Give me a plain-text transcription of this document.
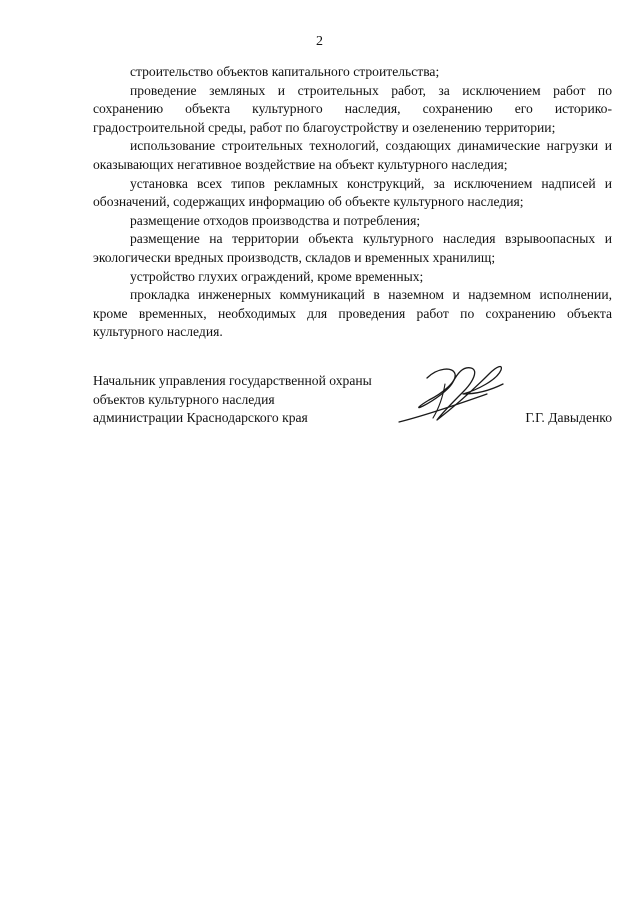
2

строительство объектов капитального строительства;

проведение земляных и строительных работ, за исключением работ по сохранению объекта культурного наследия, сохранению его историко-градостроительной среды, работ по благоустройству и озеленению территории;

использование строительных технологий, создающих динамические нагрузки и оказывающих негативное воздействие на объект культурного наследия;

установка всех типов рекламных конструкций, за исключением надписей и обозначений, содержащих информацию об объекте культурного наследия;

размещение отходов производства и потребления;

размещение на территории объекта культурного наследия взрывоопасных и экологически вредных производств, складов и временных хранилищ;

устройство глухих ограждений, кроме временных;

прокладка инженерных коммуникаций в наземном и надземном исполнении, кроме временных, необходимых для проведения работ по сохранению объекта культурного наследия.

Начальник управления государственной охраны
объектов культурного наследия
администрации Краснодарского края	Г.Г. Давыденко
